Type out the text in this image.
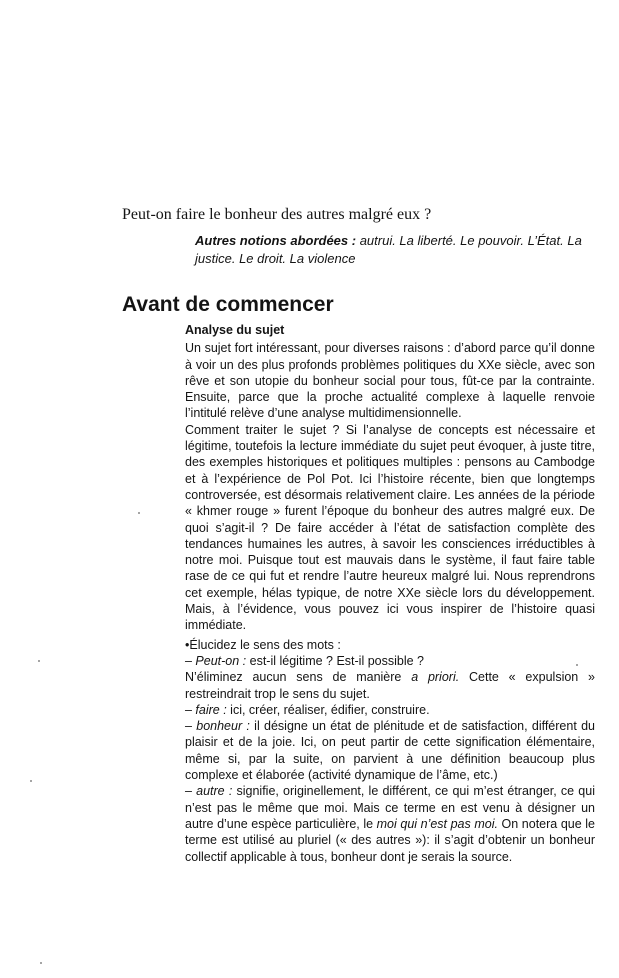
Peut-on faire le bonheur des autres malgré eux ?

Autres notions abordées : autrui. La liberté. Le pouvoir. L’État. La justice. Le droit. La violence

Avant de commencer
Analyse du sujet

Un sujet fort intéressant, pour diverses raisons : d’abord parce qu’il donne à voir un des plus profonds problèmes politiques du XXe siècle, avec son rêve et son utopie du bonheur social pour tous, fût-ce par la contrainte. Ensuite, parce que la proche actualité complexe à laquelle renvoie l’intitulé relève d’une analyse multidimensionnelle.

Comment traiter le sujet ? Si l’analyse de concepts est nécessaire et légitime, toutefois la lecture immédiate du sujet peut évoquer, à juste titre, des exemples historiques et politiques multiples : pensons au Cambodge et à l’expérience de Pol Pot. Ici l’histoire récente, bien que longtemps controversée, est désormais relativement claire. Les années de la période « khmer rouge » furent l’époque du bonheur des autres malgré eux. De quoi s’agit-il ? De faire accéder à l’état de satisfaction complète des tendances humaines les autres, à savoir les consciences irréductibles à notre moi. Puisque tout est mauvais dans le système, il faut faire table rase de ce qui fut et rendre l’autre heureux malgré lui. Nous reprendrons cet exemple, hélas typique, de notre XXe siècle lors du développement. Mais, à l’évidence, vous pouvez ici vous inspirer de l’histoire quasi immédiate.

•Élucidez le sens des mots :

– Peut-on : est-il légitime ? Est-il possible ?

N’éliminez aucun sens de manière a priori. Cette « expulsion » restreindrait trop le sens du sujet.

– faire : ici, créer, réaliser, édifier, construire.

– bonheur : il désigne un état de plénitude et de satisfaction, différent du plaisir et de la joie. Ici, on peut partir de cette signification élémentaire, même si, par la suite, on parvient à une définition beaucoup plus complexe et élaborée (activité dynamique de l’âme, etc.)

– autre : signifie, originellement, le différent, ce qui m’est étranger, ce qui n’est pas le même que moi. Mais ce terme en est venu à désigner un autre d’une espèce particulière, le moi qui n’est pas moi. On notera que le terme est utilisé au pluriel (« des autres »): il s’agit d’obtenir un bonheur collectif applicable à tous, bonheur dont je serais la source.
